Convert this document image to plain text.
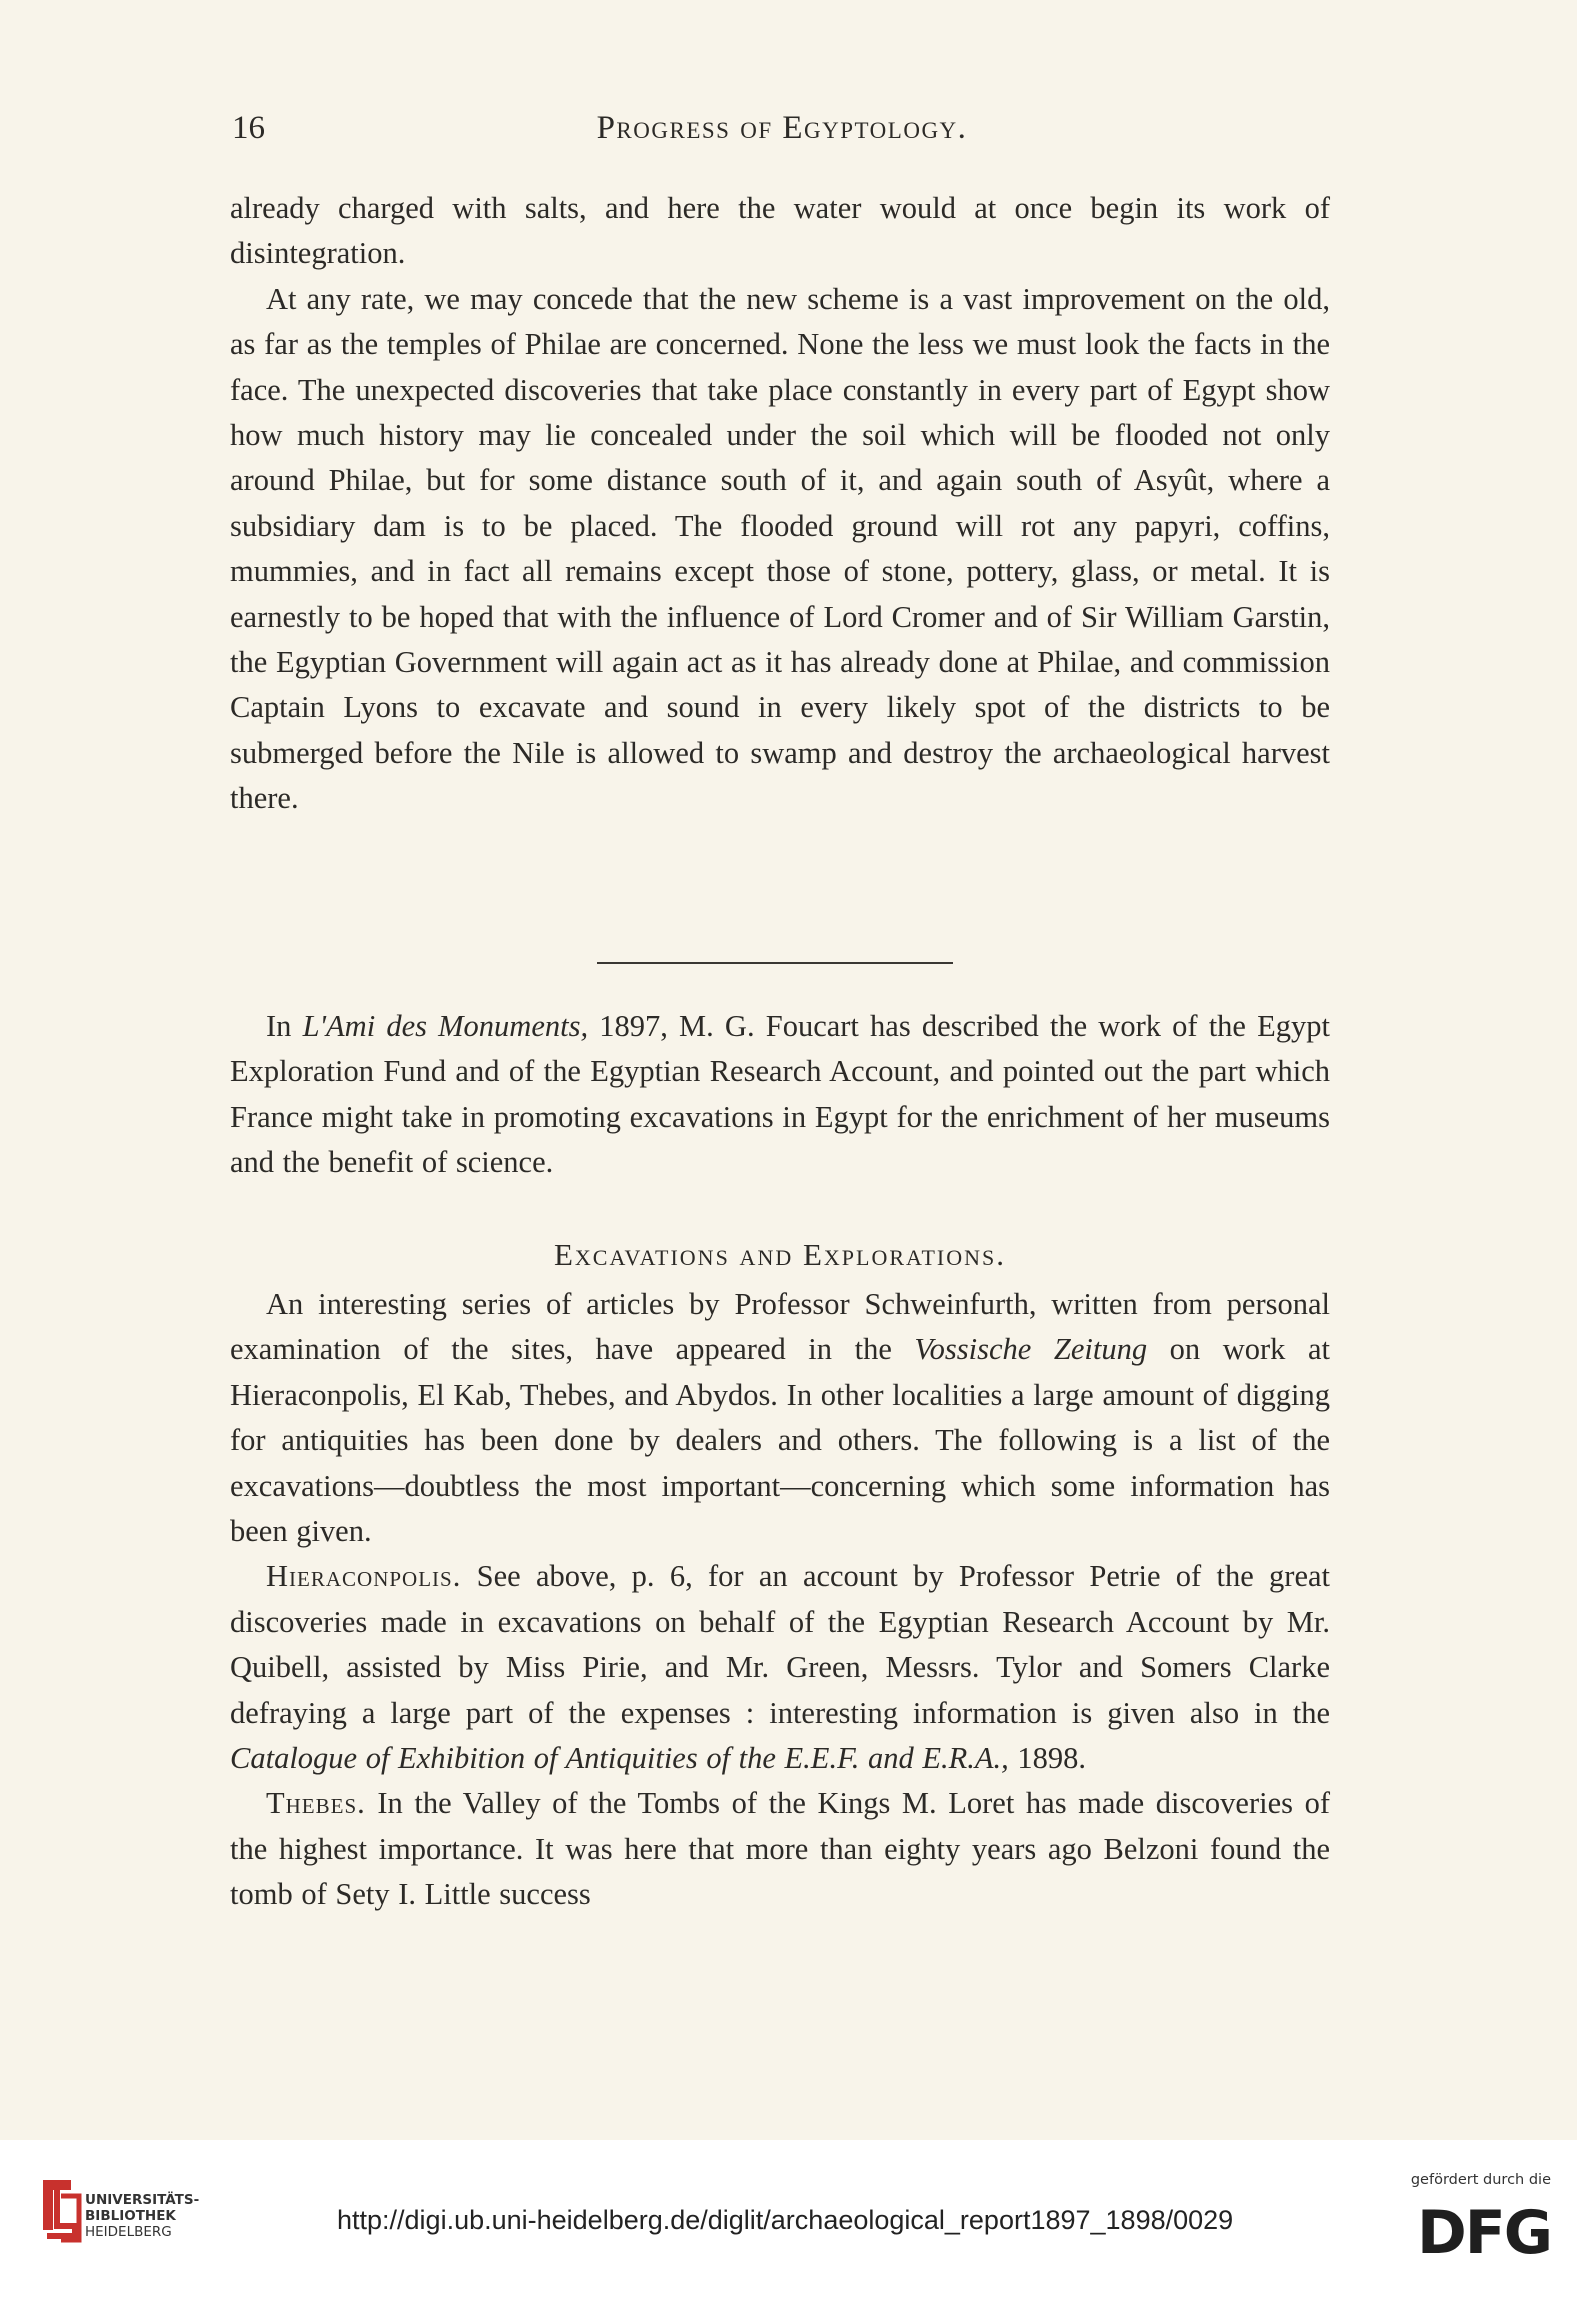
16	Progress of Egyptology.

already charged with salts, and here the water would at once begin its work of disintegration.

At any rate, we may concede that the new scheme is a vast improvement on the old, as far as the temples of Philae are concerned. None the less we must look the facts in the face. The unexpected discoveries that take place constantly in every part of Egypt show how much history may lie concealed under the soil which will be flooded not only around Philae, but for some distance south of it, and again south of Asyût, where a subsidiary dam is to be placed. The flooded ground will rot any papyri, coffins, mummies, and in fact all remains except those of stone, pottery, glass, or metal. It is earnestly to be hoped that with the influence of Lord Cromer and of Sir William Garstin, the Egyptian Government will again act as it has already done at Philae, and commission Captain Lyons to excavate and sound in every likely spot of the districts to be submerged before the Nile is allowed to swamp and destroy the archaeological harvest there.

In L'Ami des Monuments, 1897, M. G. Foucart has described the work of the Egypt Exploration Fund and of the Egyptian Research Account, and pointed out the part which France might take in promoting excavations in Egypt for the enrichment of her museums and the benefit of science.

Excavations and Explorations.

An interesting series of articles by Professor Schweinfurth, written from personal examination of the sites, have appeared in the Vossische Zeitung on work at Hieraconpolis, El Kab, Thebes, and Abydos. In other localities a large amount of digging for antiquities has been done by dealers and others. The following is a list of the excavations—doubtless the most important—concerning which some information has been given.

Hieraconpolis. See above, p. 6, for an account by Professor Petrie of the great discoveries made in excavations on behalf of the Egyptian Research Account by Mr. Quibell, assisted by Miss Pirie, and Mr. Green, Messrs. Tylor and Somers Clarke defraying a large part of the expenses : interesting information is given also in the Catalogue of Exhibition of Antiquities of the E.E.F. and E.R.A., 1898.

Thebes. In the Valley of the Tombs of the Kings M. Loret has made discoveries of the highest importance. It was here that more than eighty years ago Belzoni found the tomb of Sety I. Little success

UNIVERSITÄTS-
BIBLIOTHEK
HEIDELBERG	http://digi.ub.uni-heidelberg.de/diglit/archaeological_report1897_1898/0029
gefördert durch die
DFG
